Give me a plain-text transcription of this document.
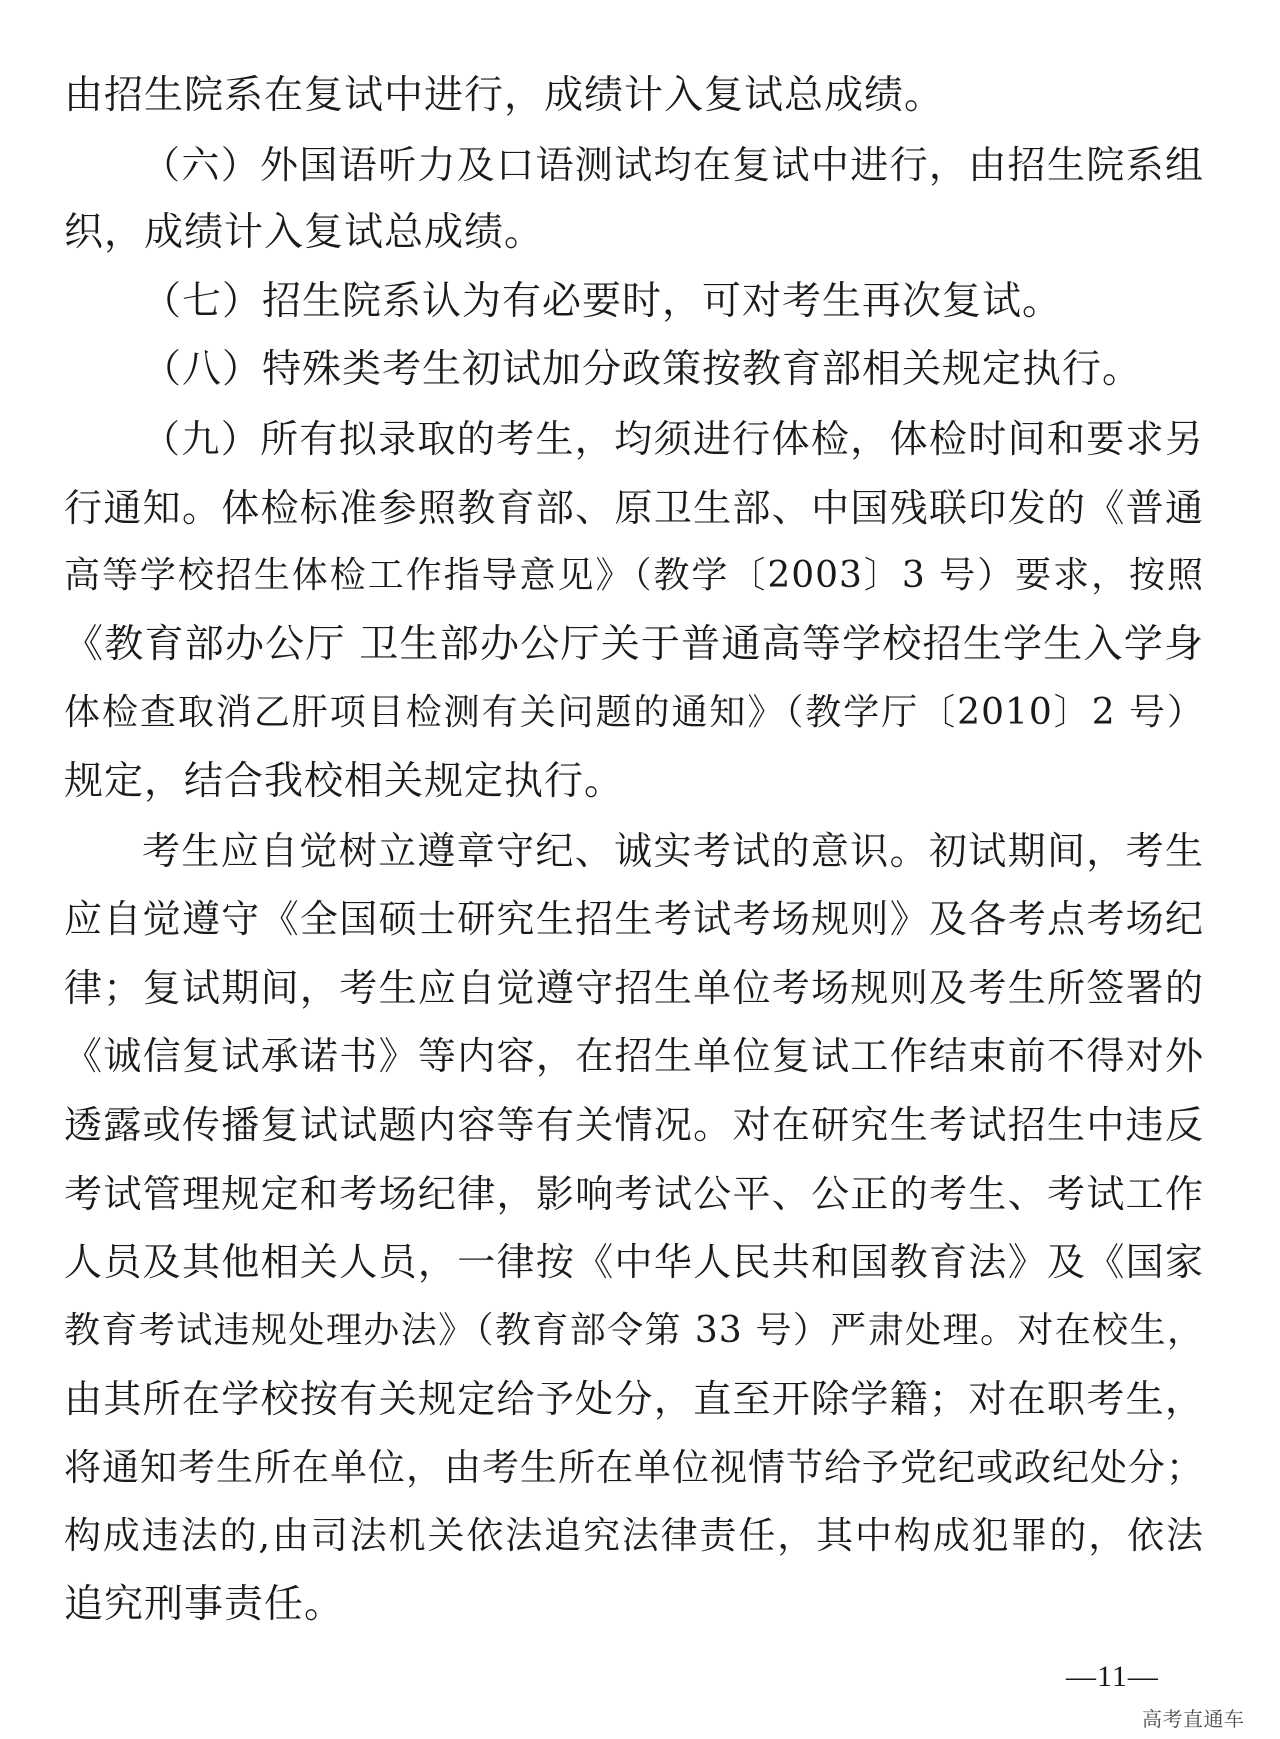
由招生院系在复试中进行，成绩计入复试总成绩。
（六）外国语听力及口语测试均在复试中进行，由招生院系组
织，成绩计入复试总成绩。
（七）招生院系认为有必要时，可对考生再次复试。
（八）特殊类考生初试加分政策按教育部相关规定执行。
（九）所有拟录取的考生，均须进行体检，体检时间和要求另
行通知。体检标准参照教育部、原卫生部、中国残联印发的《普通
高等学校招生体检工作指导意见》（教学〔2003〕3 号）要求，按照
《教育部办公厅 卫生部办公厅关于普通高等学校招生学生入学身
体检查取消乙肝项目检测有关问题的通知》（教学厅〔2010〕2 号）
规定，结合我校相关规定执行。
考生应自觉树立遵章守纪、诚实考试的意识。初试期间，考生
应自觉遵守《全国硕士研究生招生考试考场规则》及各考点考场纪
律；复试期间，考生应自觉遵守招生单位考场规则及考生所签署的
《诚信复试承诺书》等内容，在招生单位复试工作结束前不得对外
透露或传播复试试题内容等有关情况。对在研究生考试招生中违反
考试管理规定和考场纪律，影响考试公平、公正的考生、考试工作
人员及其他相关人员，一律按《中华人民共和国教育法》及《国家
教育考试违规处理办法》（教育部令第 33 号）严肃处理。对在校生，
由其所在学校按有关规定给予处分，直至开除学籍；对在职考生，
将通知考生所在单位，由考生所在单位视情节给予党纪或政纪处分；
构成违法的,由司法机关依法追究法律责任，其中构成犯罪的，依法
追究刑事责任。
—11—
高考直通车
